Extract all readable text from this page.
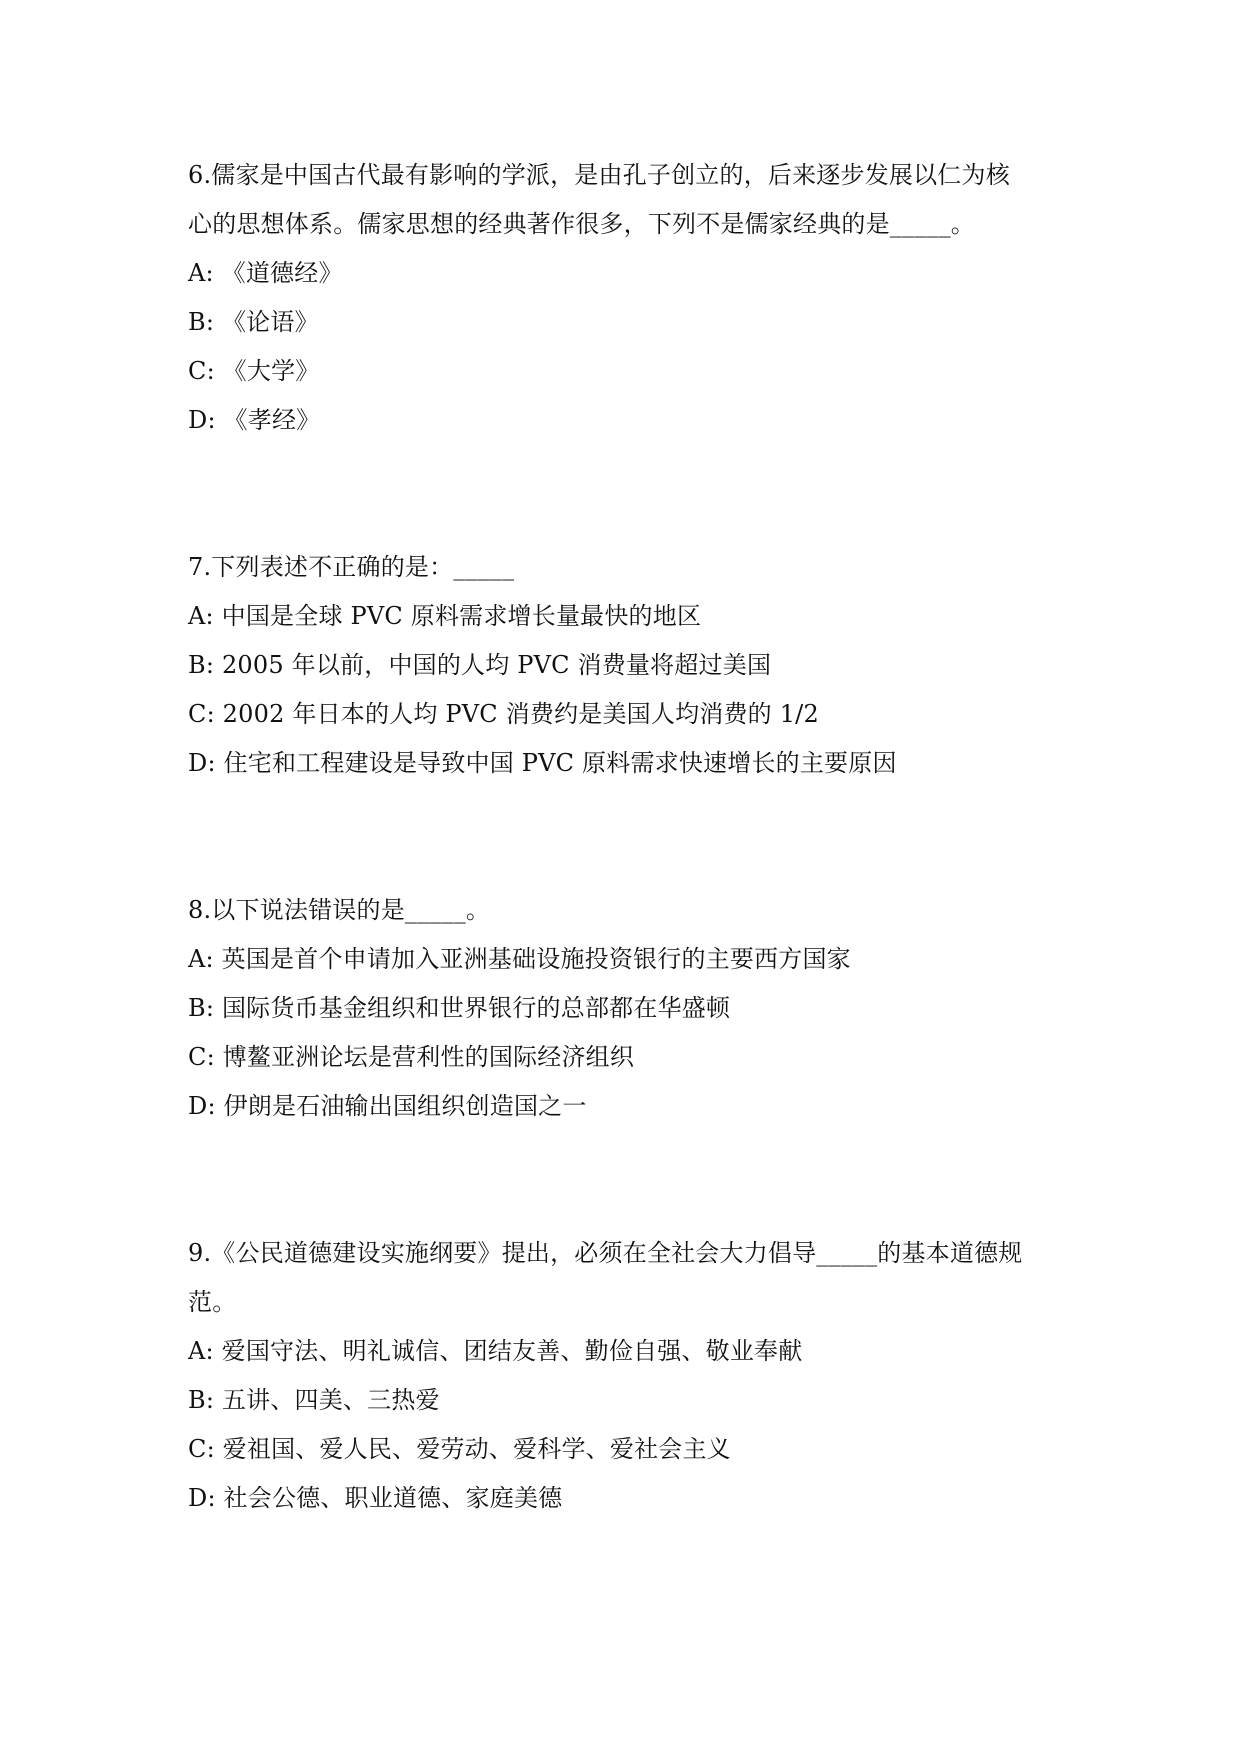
6.儒家是中国古代最有影响的学派，是由孔子创立的，后来逐步发展以仁为核
心的思想体系。儒家思想的经典著作很多，下列不是儒家经典的是_____。
A: 《道德经》
B: 《论语》
C: 《大学》
D: 《孝经》
7.下列表述不正确的是：_____
A: 中国是全球 PVC 原料需求增长量最快的地区
B: 2005 年以前，中国的人均 PVC 消费量将超过美国
C: 2002 年日本的人均 PVC 消费约是美国人均消费的 1/2
D: 住宅和工程建设是导致中国 PVC 原料需求快速增长的主要原因
8.以下说法错误的是_____。
A: 英国是首个申请加入亚洲基础设施投资银行的主要西方国家
B: 国际货币基金组织和世界银行的总部都在华盛顿
C: 博鳌亚洲论坛是营利性的国际经济组织
D: 伊朗是石油输出国组织创造国之一
9.《公民道德建设实施纲要》提出，必须在全社会大力倡导_____的基本道德规
范。
A: 爱国守法、明礼诚信、团结友善、勤俭自强、敬业奉献
B: 五讲、四美、三热爱
C: 爱祖国、爱人民、爱劳动、爱科学、爱社会主义
D: 社会公德、职业道德、家庭美德
